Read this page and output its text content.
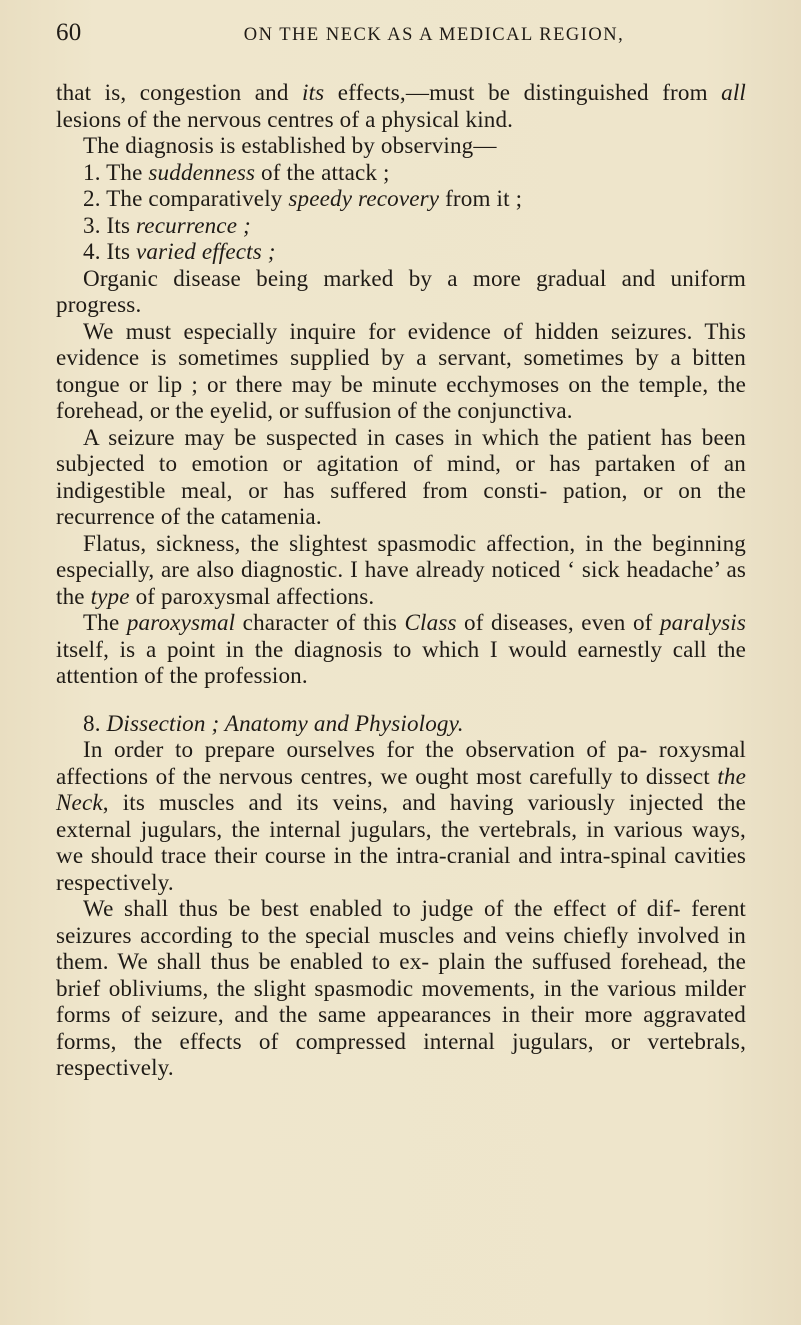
60	ON THE NECK AS A MEDICAL REGION,

that is, congestion and its effects,—must be distinguished from all lesions of the nervous centres of a physical kind.

The diagnosis is established by observing—

1. The suddenness of the attack ;

2. The comparatively speedy recovery from it ;

3. Its recurrence ;

4. Its varied effects ;

Organic disease being marked by a more gradual and uniform progress.

We must especially inquire for evidence of hidden seizures. This evidence is sometimes supplied by a servant, sometimes by a bitten tongue or lip ; or there may be minute ecchymoses on the temple, the forehead, or the eyelid, or suffusion of the conjunctiva.

A seizure may be suspected in cases in which the patient has been subjected to emotion or agitation of mind, or has partaken of an indigestible meal, or has suffered from consti- pation, or on the recurrence of the catamenia.

Flatus, sickness, the slightest spasmodic affection, in the beginning especially, are also diagnostic. I have already noticed ‘ sick headache’ as the type of paroxysmal affections.

The paroxysmal character of this Class of diseases, even of paralysis itself, is a point in the diagnosis to which I would earnestly call the attention of the profession.

8. Dissection ; Anatomy and Physiology.

In order to prepare ourselves for the observation of pa- roxysmal affections of the nervous centres, we ought most carefully to dissect the Neck, its muscles and its veins, and having variously injected the external jugulars, the internal jugulars, the vertebrals, in various ways, we should trace their course in the intra-cranial and intra-spinal cavities respectively.

We shall thus be best enabled to judge of the effect of dif- ferent seizures according to the special muscles and veins chiefly involved in them. We shall thus be enabled to ex- plain the suffused forehead, the brief obliviums, the slight spasmodic movements, in the various milder forms of seizure, and the same appearances in their more aggravated forms, the effects of compressed internal jugulars, or vertebrals, respectively.
